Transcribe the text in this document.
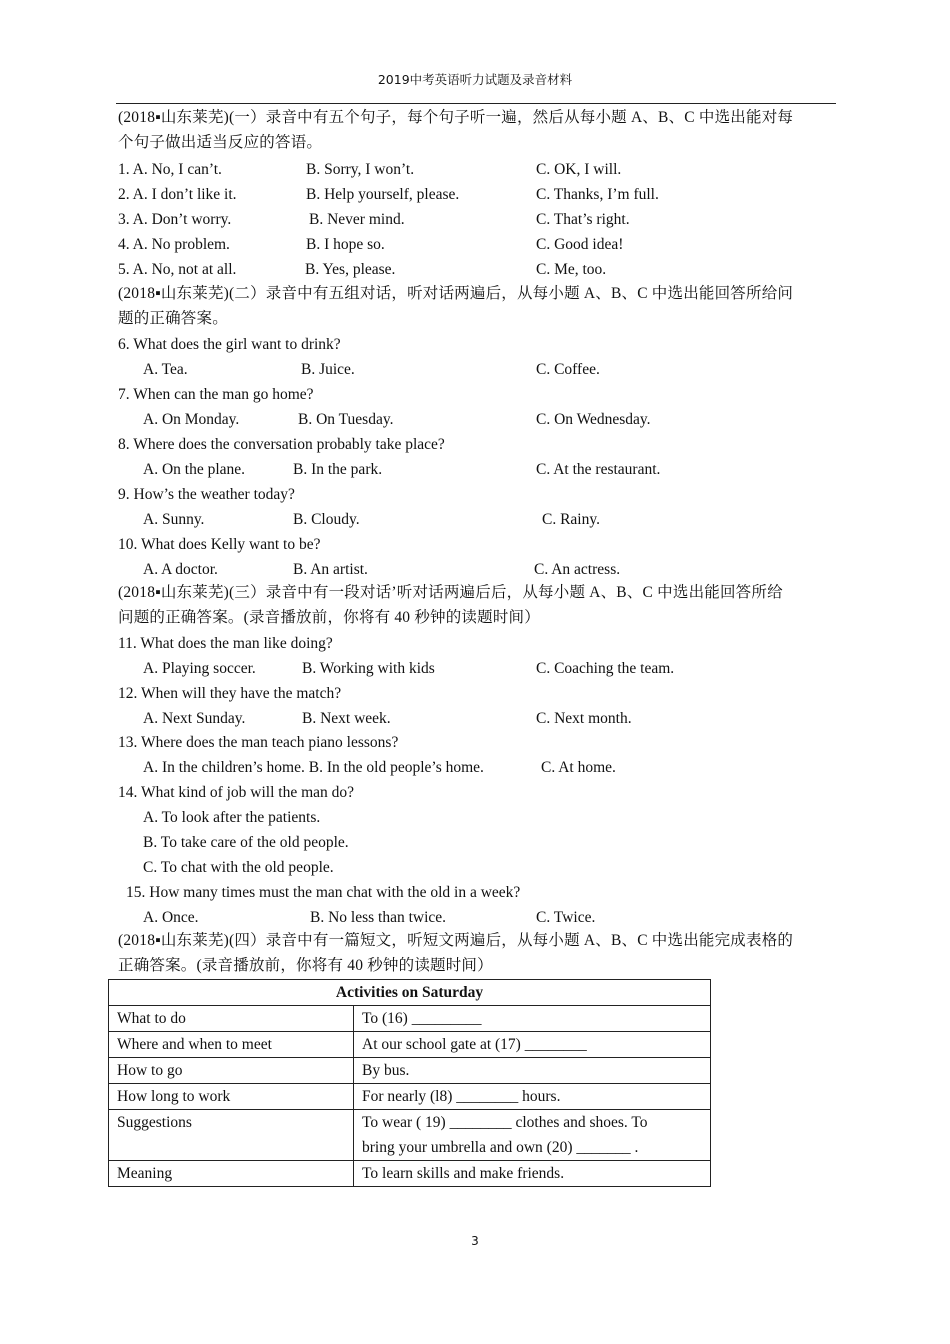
2019中考英语听力试题及录音材料
(2018▪山东莱芜)(一）录音中有五个句子，每个句子听一遍，然后从每小题 A、B、C 中选出能对每
个句子做出适当反应的答语。
1. A. No, I can’t.	B. Sorry, I won’t.	C. OK, I will.
2. A. I don’t like it.	B. Help yourself, please.	C. Thanks, I’m full.
3. A. Don’t worry.	B. Never mind.	C. That’s right.
4. A. No problem.	B. I hope so.	C. Good idea!
5. A. No, not at all.	B. Yes, please.	C. Me, too.
(2018▪山东莱芜)(二）录音中有五组对话，听对话两遍后，从每小题 A、B、C 中选出能回答所给问
题的正确答案。
6. What does the girl want to drink?
A. Tea.	B. Juice.	C. Coffee.
7. When can the man go home?
A. On Monday.	B. On Tuesday.	C. On Wednesday.
8. Where does the conversation probably take place?
A. On the plane.	B. In the park.	C. At the restaurant.
9. How’s the weather today?
A. Sunny.	B. Cloudy.	C. Rainy.
10. What does Kelly want to be?
A. A doctor.	B. An artist.	C. An actress.
(2018▪山东莱芜)(三）录音中有一段对话’听对话两遍后后，从每小题 A、B、C 中选出能回答所给
问题的正确答案。(录音播放前，你将有 40 秒钟的读题时间）
11. What does the man like doing?
A. Playing soccer.	B. Working with kids	C. Coaching the team.
12. When will they have the match?
A. Next Sunday.	B. Next week.	C. Next month.
13. Where does the man teach piano lessons?
A. In the children’s home. B. In the old people’s home.	C. At home.
14. What kind of job will the man do?
A. To look after the patients.
B. To take care of the old people.
C. To chat with the old people.
15. How many times must the man chat with the old in a week?
A. Once.	B. No less than twice.	C. Twice.
(2018▪山东莱芜)(四）录音中有一篇短文，听短文两遍后，从每小题 A、B、C 中选出能完成表格的
正确答案。(录音播放前，你将有 40 秒钟的读题时间）
Activities on Saturday	
What to do	To (16) _________
Where and when to meet	At our school gate at (17) ________
How to go	By bus.
How long to work	For nearly (l8) ________ hours.
Suggestions	To wear ( 19) ________ clothes and shoes. To
bring your umbrella and own (20) _______ .

Meaning	To learn skills and make friends.
3
